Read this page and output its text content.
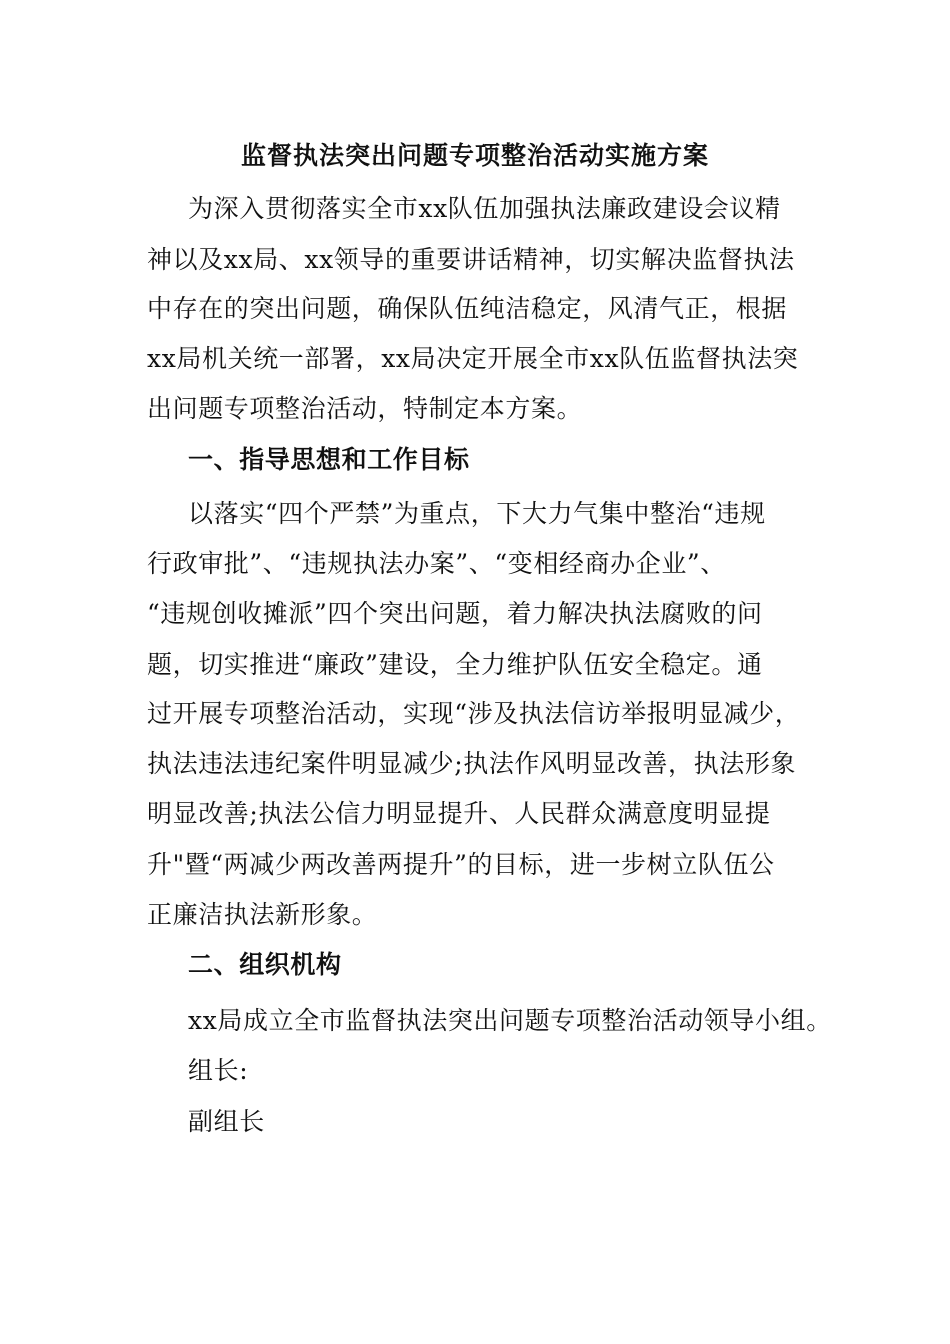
监督执法突出问题专项整治活动实施方案
为深入贯彻落实全市xx队伍加强执法廉政建设会议精
神以及xx局、xx领导的重要讲话精神，切实解决监督执法
中存在的突出问题，确保队伍纯洁稳定，风清气正，根据
xx局机关统一部署，xx局决定开展全市xx队伍监督执法突
出问题专项整治活动，特制定本方案。
一、指导思想和工作目标
以落实“四个严禁”为重点，下大力气集中整治“违规
行政审批”、“违规执法办案”、“变相经商办企业”、
“违规创收摊派”四个突出问题，着力解决执法腐败的问
题，切实推进“廉政”建设，全力维护队伍安全稳定。通
过开展专项整治活动，实现“涉及执法信访举报明显减少，
执法违法违纪案件明显减少;执法作风明显改善，执法形象
明显改善;执法公信力明显提升、人民群众满意度明显提
升"暨“两减少两改善两提升”的目标，进一步树立队伍公
正廉洁执法新形象。
二、组织机构
xx局成立全市监督执法突出问题专项整治活动领导小组。
组长:
副组长
